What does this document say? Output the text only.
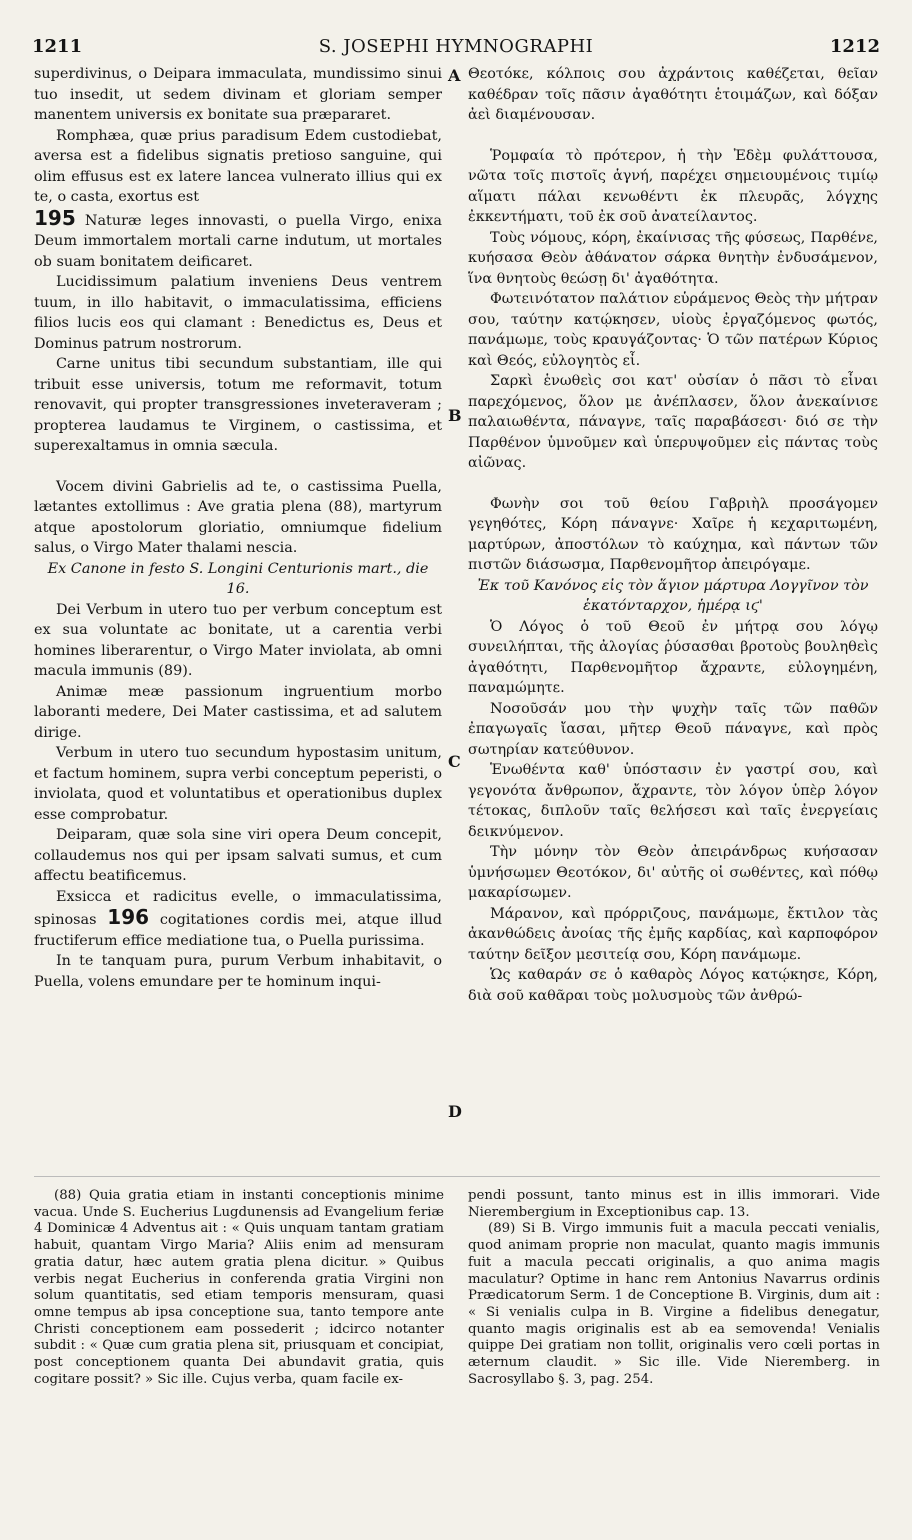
1211	S. JOSEPHI HYMNOGRAPHI	1212
A
B
C
D

superdivinus, o Deipara immaculata, mundissimo sinui tuo insedit, ut sedem divinam et gloriam semper manentem universis ex bonitate sua præpararet.

Romphæa, quæ prius paradisum Edem custodiebat, aversa est a fidelibus signatis pretioso sanguine, qui olim effusus est ex latere lancea vulnerato illius qui ex te, o casta, exortus est

195 Naturæ leges innovasti, o puella Virgo, enixa Deum immortalem mortali carne indutum, ut mortales ob suam bonitatem deificaret.

Lucidissimum palatium inveniens Deus ventrem tuum, in illo habitavit, o immaculatissima, efficiens filios lucis eos qui clamant : Benedictus es, Deus et Dominus patrum nostrorum.

Carne unitus tibi secundum substantiam, ille qui tribuit esse universis, totum me reformavit, totum renovavit, qui propter transgressiones inveteraveram ; propterea laudamus te Virginem, o castissima, et superexaltamus in omnia sæcula.

Vocem divini Gabrielis ad te, o castissima Puella, lætantes extollimus : Ave gratia plena (88), martyrum atque apostolorum gloriatio, omniumque fidelium salus, o Virgo Mater thalami nescia.

Ex Canone in festo S. Longini Centurionis mart., die 16.

Dei Verbum in utero tuo per verbum conceptum est ex sua voluntate ac bonitate, ut a carentia verbi homines liberarentur, o Virgo Mater inviolata, ab omni macula immunis (89).

Animæ meæ passionum ingruentium morbo laboranti medere, Dei Mater castissima, et ad salutem dirige.

Verbum in utero tuo secundum hypostasim unitum, et factum hominem, supra verbi conceptum peperisti, o inviolata, quod et voluntatibus et operationibus duplex esse comprobatur.

Deiparam, quæ sola sine viri opera Deum concepit, collaudemus nos qui per ipsam salvati sumus, et cum affectu beatificemus.

Exsicca et radicitus evelle, o immaculatissima, spinosas 196 cogitationes cordis mei, atque illud fructiferum effice mediatione tua, o Puella purissima.

In te tanquam pura, purum Verbum inhabitavit, o Puella, volens emundare per te hominum inqui-

Θεοτόκε, κόλποις σου ἀχράντοις καθέζεται, θεῖαν καθέδραν τοῖς πᾶσιν ἀγαθότητι ἑτοιμάζων, καὶ δόξαν ἀεὶ διαμένουσαν.

Ῥομφαία τὸ πρότερον, ἡ τὴν Ἐδὲμ φυλάττουσα, νῶτα τοῖς πιστοῖς ἁγνή, παρέχει σημειουμένοις τιμίῳ αἵματι πάλαι κενωθέντι ἐκ πλευρᾶς, λόγχης ἐκκεντήματι, τοῦ ἐκ σοῦ ἀνατείλαντος.

Τοὺς νόμους, κόρη, ἐκαίνισας τῆς φύσεως, Παρθένε, κυήσασα Θεὸν ἀθάνατον σάρκα θνητὴν ἐνδυσάμενον, ἵνα θνητοὺς θεώσῃ δι' ἀγαθότητα.

Φωτεινότατον παλάτιον εὑράμενος Θεὸς τὴν μήτραν σου, ταύτην κατῴκησεν, υἱοὺς ἐργαζόμενος φωτός, πανάμωμε, τοὺς κραυγάζοντας· Ὁ τῶν πατέρων Κύριος καὶ Θεός, εὐλογητὸς εἶ.

Σαρκὶ ἑνωθεὶς σοι κατ' οὐσίαν ὁ πᾶσι τὸ εἶναι παρεχόμενος, ὅλον με ἀνέπλασεν, ὅλον ἀνεκαίνισε παλαιωθέντα, πάναγνε, ταῖς παραβάσεσι· διό σε τὴν Παρθένον ὑμνοῦμεν καὶ ὑπερυψοῦμεν εἰς πάντας τοὺς αἰῶνας.

Φωνὴν σοι τοῦ θείου Γαβριὴλ προσάγομεν γεγηθότες, Κόρη πάναγνε· Χαῖρε ἡ κεχαριτωμένη, μαρτύρων, ἀποστόλων τὸ καύχημα, καὶ πάντων τῶν πιστῶν διάσωσμα, Παρθενομῆτορ ἀπειρόγαμε.

Ἐκ τοῦ Κανόνος εἰς τὸν ἅγιον μάρτυρα Λογγῖνον τὸν ἑκατόνταρχον, ἡμέρᾳ ιϛ'

Ὁ Λόγος ὁ τοῦ Θεοῦ ἐν μήτρᾳ σου λόγῳ συνειλήπται, τῆς ἀλογίας ῥύσασθαι βροτοὺς βουληθεὶς ἀγαθότητι, Παρθενομῆτορ ἄχραντε, εὐλογημένη, παναμώμητε.

Νοσοῦσάν μου τὴν ψυχὴν ταῖς τῶν παθῶν ἐπαγωγαῖς ἴασαι, μῆτερ Θεοῦ πάναγνε, καὶ πρὸς σωτηρίαν κατεύθυνον.

Ἑνωθέντα καθ' ὑπόστασιν ἐν γαστρί σου, καὶ γεγονότα ἄνθρωπον, ἄχραντε, τὸν λόγον ὑπὲρ λόγον τέτοκας, διπλοῦν ταῖς θελήσεσι καὶ ταῖς ἐνεργείαις δεικνύμενον.

Τὴν μόνην τὸν Θεὸν ἀπειράνδρως κυήσασαν ὑμνήσωμεν Θεοτόκον, δι' αὐτῆς οἱ σωθέντες, καὶ πόθῳ μακαρίσωμεν.

Μάρανον, καὶ πρόρριζους, πανάμωμε, ἔκτιλον τὰς ἀκανθώδεις ἀνοίας τῆς ἐμῆς καρδίας, καὶ καρποφόρον ταύτην δεῖξον μεσιτείᾳ σου, Κόρη πανάμωμε.

Ὡς καθαράν σε ὁ καθαρὸς Λόγος κατῴκησε, Κόρη, διὰ σοῦ καθᾶραι τοὺς μολυσμοὺς τῶν ἀνθρώ-

(88) Quia gratia etiam in instanti conceptionis minime vacua. Unde S. Eucherius Lugdunensis ad Evangelium feriæ 4 Dominicæ 4 Adventus ait : « Quis unquam tantam gratiam habuit, quantam Virgo Maria? Aliis enim ad mensuram gratia datur, hæc autem gratia plena dicitur. » Quibus verbis negat Eucherius in conferenda gratia Virgini non solum quantitatis, sed etiam temporis mensuram, quasi omne tempus ab ipsa conceptione sua, tanto tempore ante Christi conceptionem eam possederit ; idcirco notanter subdit : « Quæ cum gratia plena sit, priusquam et concipiat, post conceptionem quanta Dei abundavit gratia, quis cogitare possit? » Sic ille. Cujus verba, quam facile ex-

pendi possunt, tanto minus est in illis immorari. Vide Nierembergium in Exceptionibus cap. 13.

(89) Si B. Virgo immunis fuit a macula peccati venialis, quod animam proprie non maculat, quanto magis immunis fuit a macula peccati originalis, a quo anima magis maculatur? Optime in hanc rem Antonius Navarrus ordinis Prædicatorum Serm. 1 de Conceptione B. Virginis, dum ait : « Si venialis culpa in B. Virgine a fidelibus denegatur, quanto magis originalis est ab ea semovenda! Venialis quippe Dei gratiam non tollit, originalis vero cœli portas in æternum claudit. » Sic ille. Vide Nieremberg. in Sacrosyllabo §. 3, pag. 254.
